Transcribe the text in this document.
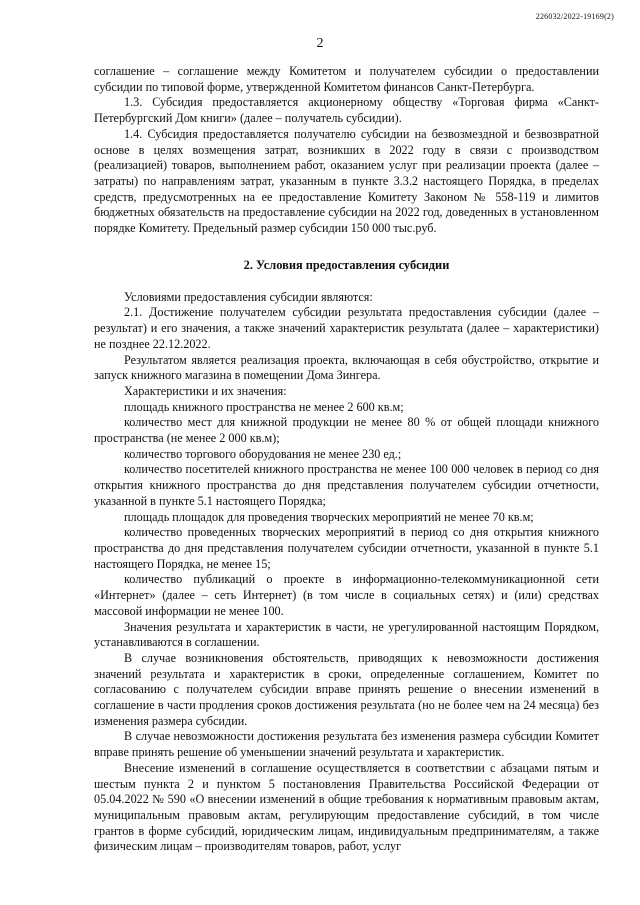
226032/2022-19169(2)
2

соглашение – соглашение между Комитетом и получателем субсидии о предоставлении субсидии по типовой форме, утвержденной Комитетом финансов Санкт-Петербурга.

1.3. Субсидия предоставляется акционерному обществу «Торговая фирма «Санкт-Петербургский Дом книги» (далее – получатель субсидии).

1.4. Субсидия предоставляется получателю субсидии на безвозмездной и безвозвратной основе в целях возмещения затрат, возникших в 2022 году в связи с производством (реализацией) товаров, выполнением работ, оказанием услуг при реализации проекта (далее – затраты) по направлениям затрат, указанным в пункте 3.3.2 настоящего Порядка, в пределах средств, предусмотренных на ее предоставление Комитету Законом № 558-119 и лимитов бюджетных обязательств на предоставление субсидии на 2022 год, доведенных в установленном порядке Комитету. Предельный размер субсидии 150 000 тыс.руб.

2. Условия предоставления субсидии

Условиями предоставления субсидии являются:

2.1. Достижение получателем субсидии результата предоставления субсидии (далее – результат) и его значения, а также значений характеристик результата (далее – характеристики) не позднее 22.12.2022.

Результатом является реализация проекта, включающая в себя обустройство, открытие и запуск книжного магазина в помещении Дома Зингера.

Характеристики и их значения:

площадь книжного пространства не менее 2 600 кв.м;

количество мест для книжной продукции не менее 80 % от общей площади книжного пространства (не менее 2 000 кв.м);

количество торгового оборудования не менее 230 ед.;

количество посетителей книжного пространства не менее 100 000 человек в период со дня открытия книжного пространства до дня представления получателем субсидии отчетности, указанной в пункте 5.1 настоящего Порядка;

площадь площадок для проведения творческих мероприятий не менее 70 кв.м;

количество проведенных творческих мероприятий в период со дня открытия книжного пространства до дня представления получателем субсидии отчетности, указанной в пункте 5.1 настоящего Порядка, не менее 15;

количество публикаций о проекте в информационно-телекоммуникационной сети «Интернет» (далее – сеть Интернет) (в том числе в социальных сетях) и (или) средствах массовой информации не менее 100.

Значения результата и характеристик в части, не урегулированной настоящим Порядком, устанавливаются в соглашении.

В случае возникновения обстоятельств, приводящих к невозможности достижения значений результата и характеристик в сроки, определенные соглашением, Комитет по согласованию с получателем субсидии вправе принять решение о внесении изменений в соглашение в части продления сроков достижения результата (но не более чем на 24 месяца) без изменения размера субсидии.

В случае невозможности достижения результата без изменения размера субсидии Комитет вправе принять решение об уменьшении значений результата и характеристик.

Внесение изменений в соглашение осуществляется в соответствии с абзацами пятым и шестым пункта 2 и пунктом 5 постановления Правительства Российской Федерации от 05.04.2022 № 590 «О внесении изменений в общие требования к нормативным правовым актам, муниципальным правовым актам, регулирующим предоставление субсидий, в том числе грантов в форме субсидий, юридическим лицам, индивидуальным предпринимателям, а также физическим лицам – производителям товаров, работ, услуг
